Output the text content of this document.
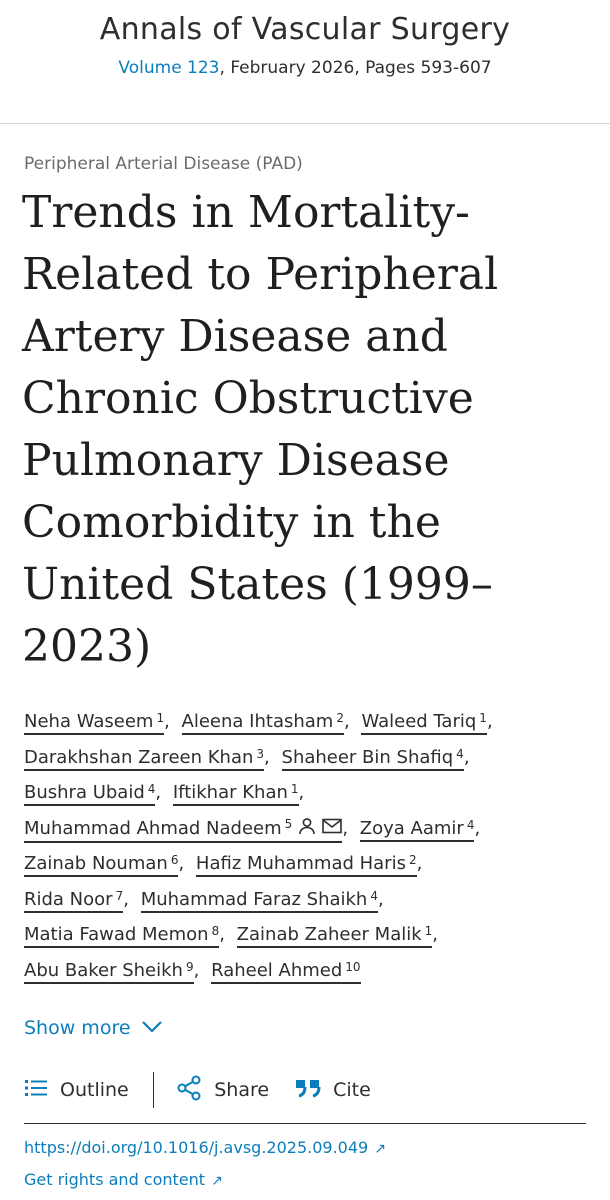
Annals of Vascular Surgery
Volume 123, February 2026, Pages 593-607
Peripheral Arterial Disease (PAD)
Trends in Mortality-
Related to Peripheral
Artery Disease and
Chronic Obstructive
Pulmonary Disease
Comorbidity in the
United States (1999–
2023)
Neha Waseem $^1$, Aleena Ihtasham $^2$, Waleed Tariq $^1$,
Darakhshan Zareen Khan $^3$, Shaheer Bin Shafiq $^4$,
Bushra Ubaid $^4$, Iftikhar Khan $^1$,
Muhammad Ahmad Nadeem $^5$	, Zoya Aamir $^4$,
Zainab Nouman $^6$, Hafiz Muhammad Haris $^2$,
Rida Noor $^7$, Muhammad Faraz Shaikh $^4$,
Matia Fawad Memon $^8$, Zainab Zaheer Malik $^1$,
Abu Baker Sheikh $^9$, Raheel Ahmed $^{10}$
Show more
Outline	Share	Cite
https://doi.org/10.1016/j.avsg.2025.09.049 ↗
Get rights and content ↗
